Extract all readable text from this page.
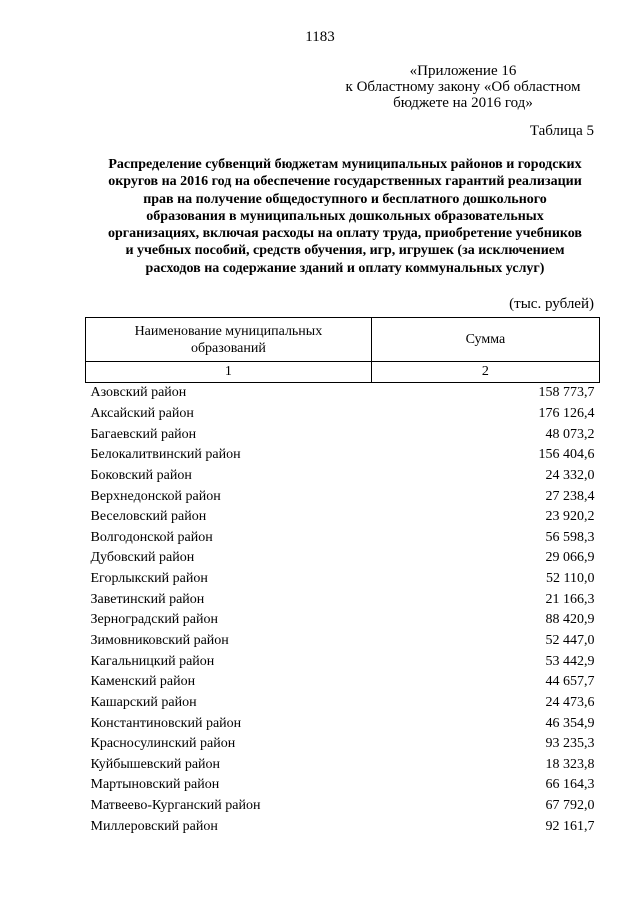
1183
«Приложение 16
к Областному закону «Об областном
бюджете на 2016 год»
Таблица 5
Распределение субвенций бюджетам муниципальных районов и городских
округов на 2016 год на обеспечение государственных гарантий реализации
прав на получение общедоступного и бесплатного дошкольного
образования в муниципальных дошкольных образовательных
организациях, включая расходы на оплату труда, приобретение учебников
и учебных пособий, средств обучения, игр, игрушек (за исключением
расходов на содержание зданий и оплату коммунальных услуг)
(тыс. рублей)
Наименование муниципальных
образований	Сумма
1	2
Азовский район	158 773,7
Аксайский район	176 126,4
Багаевский район	48 073,2
Белокалитвинский район	156 404,6
Боковский район	24 332,0
Верхнедонской район	27 238,4
Веселовский район	23 920,2
Волгодонской район	56 598,3
Дубовский район	29 066,9
Егорлыкский район	52 110,0
Заветинский район	21 166,3
Зерноградский район	88 420,9
Зимовниковский район	52 447,0
Кагальницкий район	53 442,9
Каменский район	44 657,7
Кашарский район	24 473,6
Константиновский район	46 354,9
Красносулинский район	93 235,3
Куйбышевский район	18 323,8
Мартыновский район	66 164,3
Матвеево-Курганский район	67 792,0
Миллеровский район	92 161,7
